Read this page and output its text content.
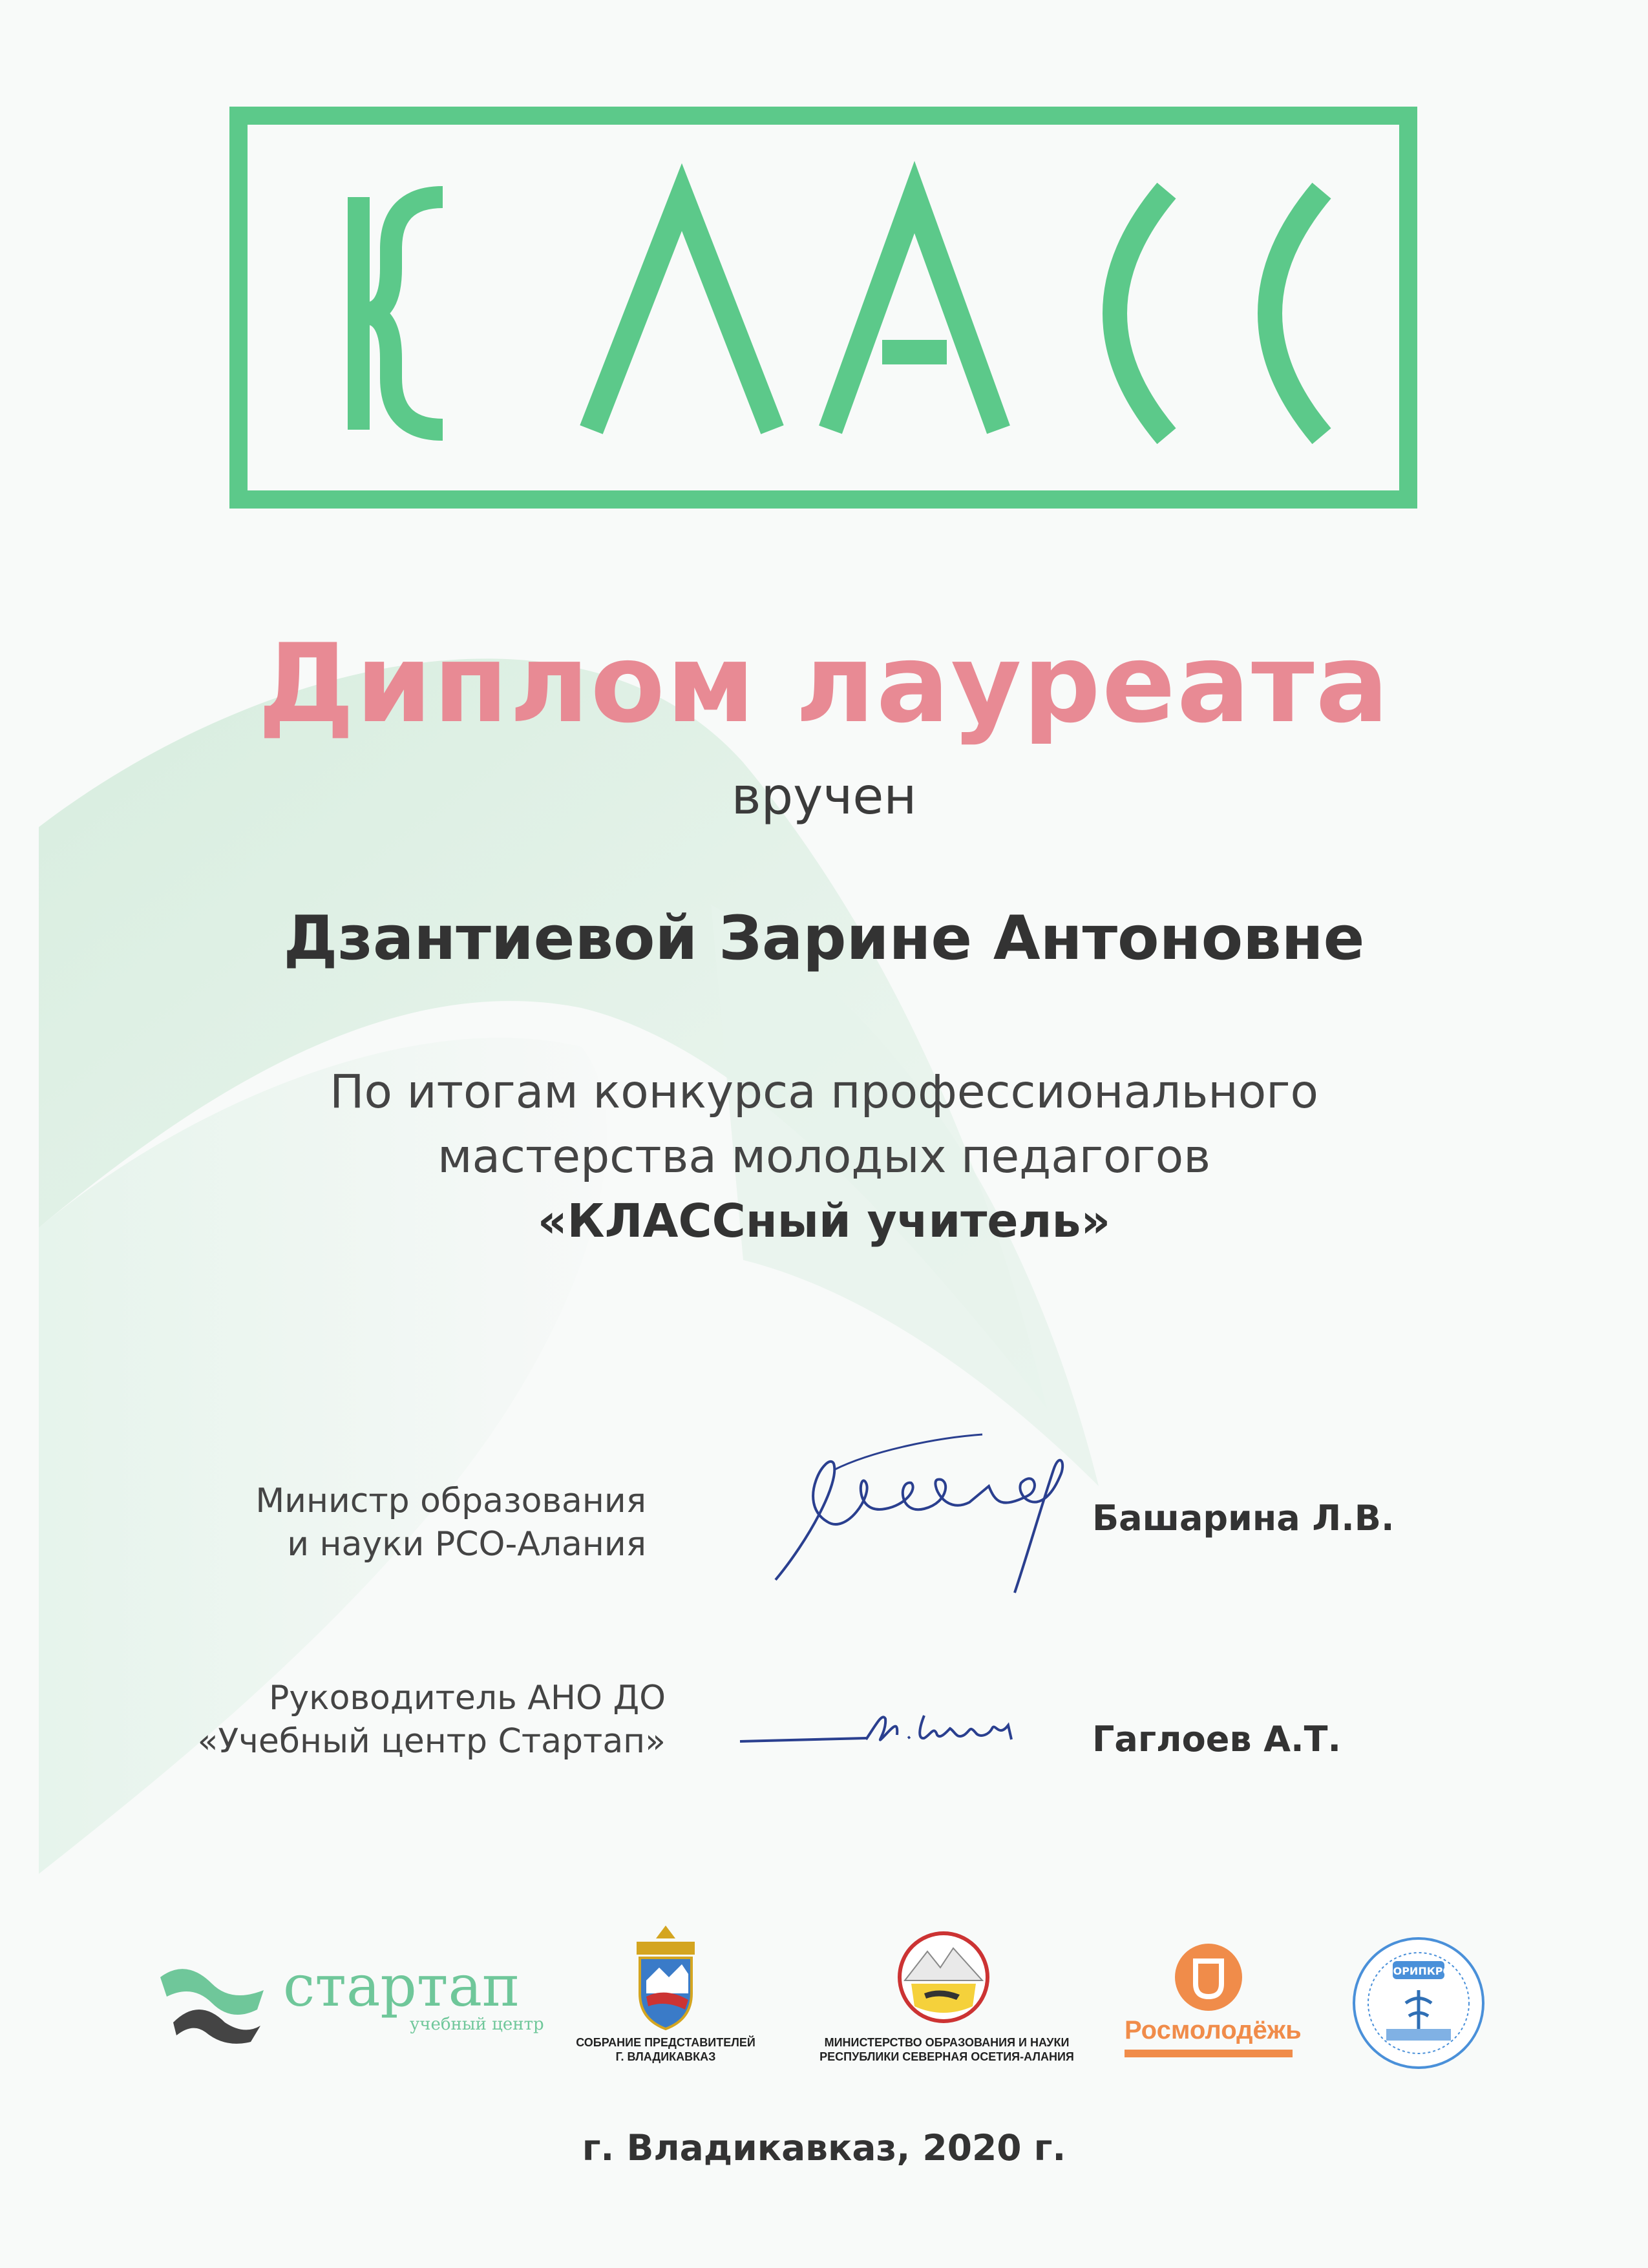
Диплом лауреата
вручен
Дзантиевой Зарине Антоновне
По итогам конкурса профессионального
мастерства молодых педагогов
«КЛАССный учитель»
Министр образования
и науки РСО-Алания
Башарина Л.В.
Руководитель АНО ДО
«Учебный центр Стартап»	Гаглоев А.Т.
стартап
учебный центр
СОБРАНИЕ ПРЕДСТАВИТЕЛЕЙ
Г. ВЛАДИКАВКАЗ
МИНИСТЕРСТВО ОБРАЗОВАНИЯ И НАУКИ
РЕСПУБЛИКИ СЕВЕРНАЯ ОСЕТИЯ-АЛАНИЯ
Росмолодёжь
СОРИПКРО
г. Владикавказ, 2020 г.
